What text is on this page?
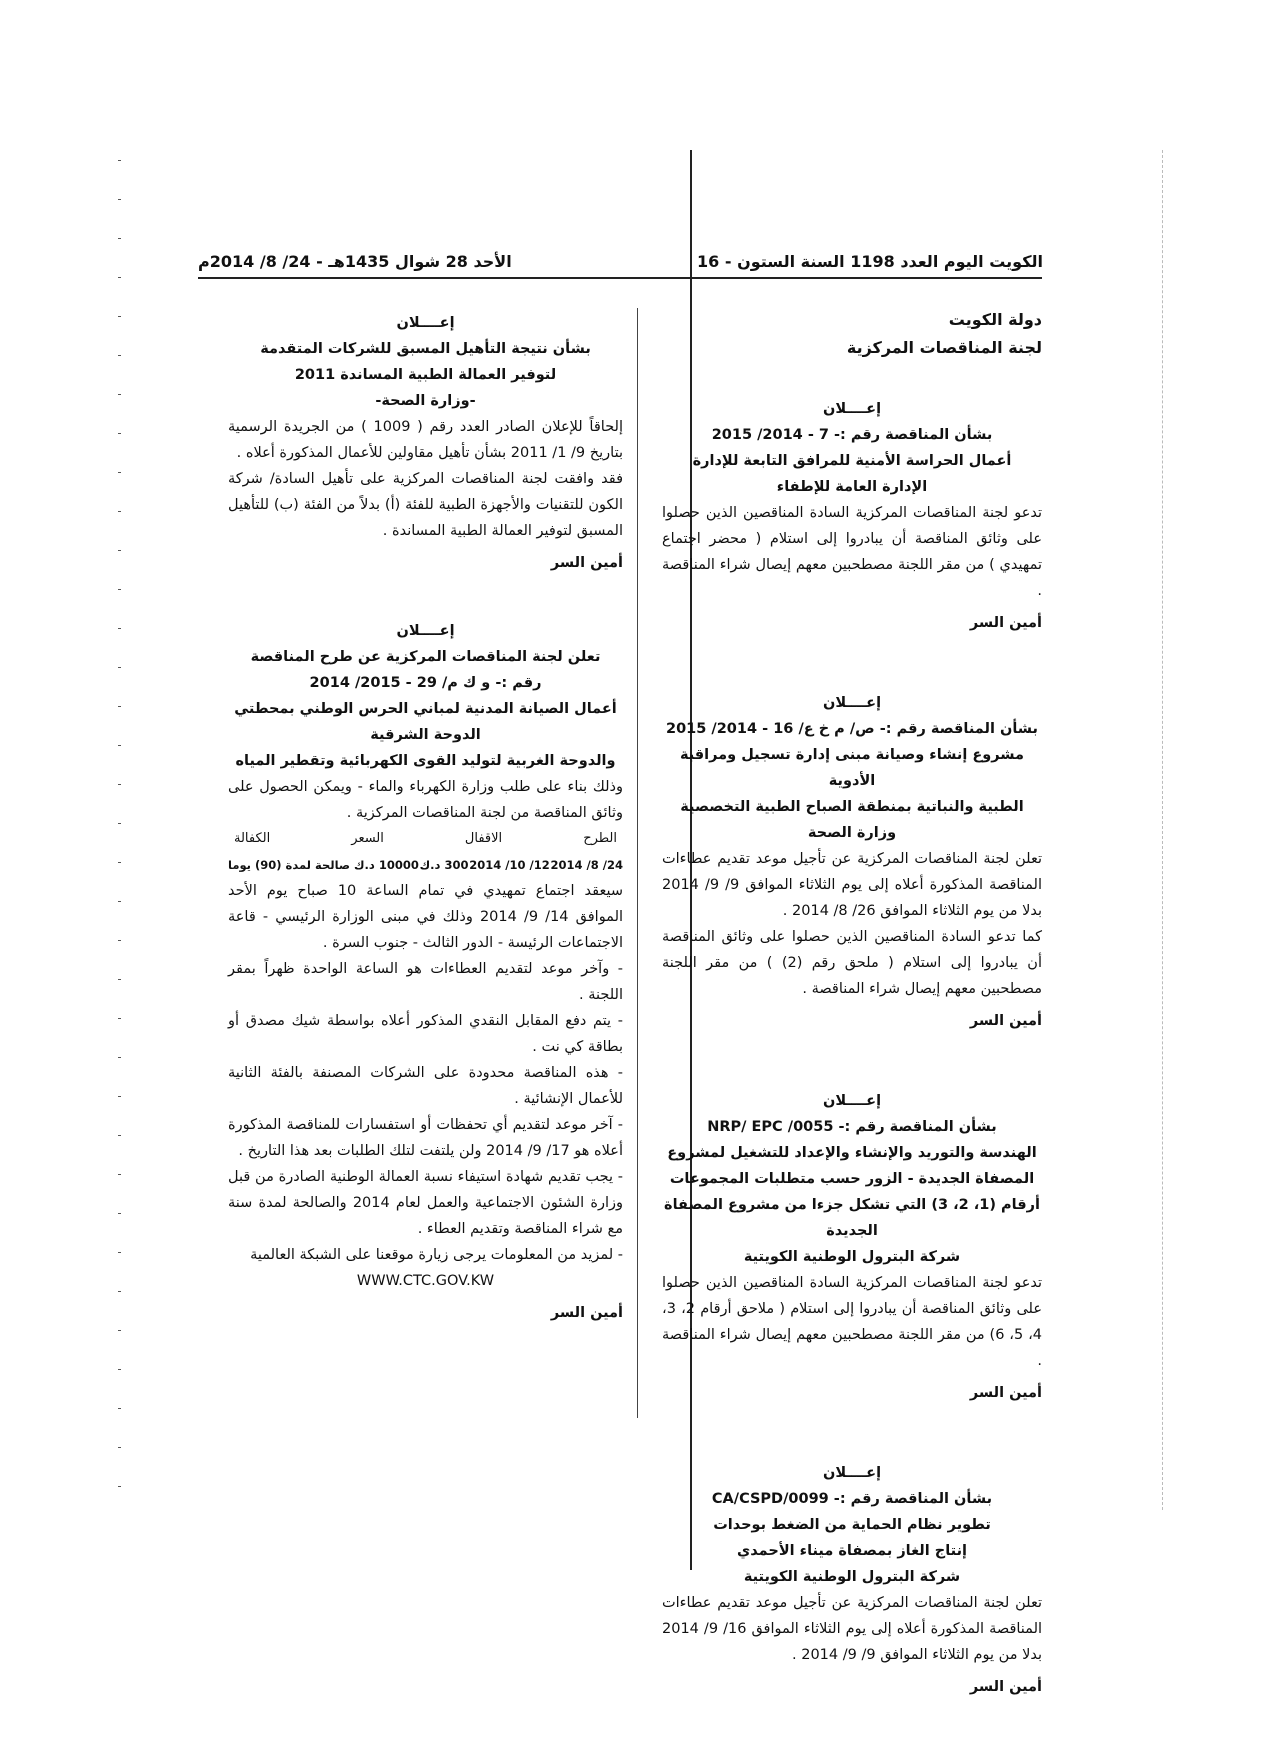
الكويت اليوم العدد 1198 السنة الستون - 16
الأحد 28 شوال 1435هـ - 24/ 8/ 2014م
دولة الكويت
لجنة المناقصات المركزية
إعــــلان
بشأن المناقصة رقم :- 7 - 2014/ 2015
أعمال الحراسة الأمنية للمرافق التابعة للإدارة
الإدارة العامة للإطفاء
تدعو لجنة المناقصات المركزية السادة المناقصين الذين حصلوا على وثائق المناقصة أن يبادروا إلى استلام ( محضر اجتماع تمهيدي ) من مقر اللجنة مصطحبين معهم إيصال شراء المناقصة .
أمين السر
إعــــلان
بشأن المناقصة رقم :- ص/ م خ ع/ 16 - 2014/ 2015
مشروع إنشاء وصيانة مبنى إدارة تسجيل ومراقبة الأدوية
الطبية والنباتية بمنطقة الصباح الطبية التخصصية
وزارة الصحة
تعلن لجنة المناقصات المركزية عن تأجيل موعد تقديم عطاءات المناقصة المذكورة أعلاه إلى يوم الثلاثاء الموافق 9/ 9/ 2014 بدلا من يوم الثلاثاء الموافق 26/ 8/ 2014 .
كما تدعو السادة المناقصين الذين حصلوا على وثائق المناقصة أن يبادروا إلى استلام ( ملحق رقم (2) ) من مقر اللجنة مصطحبين معهم إيصال شراء المناقصة .
أمين السر
إعــــلان
بشأن المناقصة رقم :- 0055/ NRP/ EPC
الهندسة والتوريد والإنشاء والإعداد للتشغيل لمشروع
المصفاة الجديدة - الزور حسب متطلبات المجموعات
أرقام (1، 2، 3) التي تشكل جزءا من مشروع المصفاة الجديدة
شركة البترول الوطنية الكويتية
تدعو لجنة المناقصات المركزية السادة المناقصين الذين حصلوا على وثائق المناقصة أن يبادروا إلى استلام ( ملاحق أرقام 2، 3، 4، 5، 6) من مقر اللجنة مصطحبين معهم إيصال شراء المناقصة .
أمين السر
إعــــلان
بشأن المناقصة رقم :- 0099/CA/CSPD
تطوير نظام الحماية من الضغط بوحدات
إنتاج الغاز بمصفاة ميناء الأحمدي
شركة البترول الوطنية الكويتية
تعلن لجنة المناقصات المركزية عن تأجيل موعد تقديم عطاءات المناقصة المذكورة أعلاه إلى يوم الثلاثاء الموافق 16/ 9/ 2014 بدلا من يوم الثلاثاء الموافق 9/ 9/ 2014 .
أمين السر
إعــــلان
بشأن نتيجة التأهيل المسبق للشركات المتقدمة
لتوفير العمالة الطبية المساندة 2011
-وزارة الصحة-
إلحاقاً للإعلان الصادر العدد رقم ( 1009 ) من الجريدة الرسمية بتاريخ 9/ 1/ 2011 بشأن تأهيل مقاولين للأعمال المذكورة أعلاه .
فقد وافقت لجنة المناقصات المركزية على تأهيل السادة/ شركة الكون للتقنيات والأجهزة الطبية للفئة (أ) بدلاً من الفئة (ب) للتأهيل المسبق لتوفير العمالة الطبية المساندة .
أمين السر
إعــــلان
تعلن لجنة المناقصات المركزية عن طرح المناقصة
رقم :- و ك م/ 29 - 2015/ 2014
أعمال الصيانة المدنية لمباني الحرس الوطني بمحطتي الدوحة الشرقية
والدوحة الغربية لتوليد القوى الكهربائية وتقطير المياه
وذلك بناء على طلب وزارة الكهرباء والماء - ويمكن الحصول على وثائق المناقصة من لجنة المناقصات المركزية .
الطرح
الاقفال
السعر
الكفالة
24/ 8/ 2014
12/ 10/ 2014
300 د.ك
10000 د.ك صالحة لمدة (90) يوما
سيعقد اجتماع تمهيدي في تمام الساعة 10 صباح يوم الأحد الموافق 14/ 9/ 2014 وذلك في مبنى الوزارة الرئيسي - قاعة الاجتماعات الرئيسة - الدور الثالث - جنوب السرة .
- وآخر موعد لتقديم العطاءات هو الساعة الواحدة ظهراً بمقر اللجنة .
- يتم دفع المقابل النقدي المذكور أعلاه بواسطة شيك مصدق أو بطاقة كي نت .
- هذه المناقصة محدودة على الشركات المصنفة بالفئة الثانية للأعمال الإنشائية .
- آخر موعد لتقديم أي تحفظات أو استفسارات للمناقصة المذكورة أعلاه هو 17/ 9/ 2014 ولن يلتفت لتلك الطلبات بعد هذا التاريخ .
- يجب تقديم شهادة استيفاء نسبة العمالة الوطنية الصادرة من قبل وزارة الشئون الاجتماعية والعمل لعام 2014 والصالحة لمدة سنة مع شراء المناقصة وتقديم العطاء .
- لمزيد من المعلومات يرجى زيارة موقعنا على الشبكة العالمية
WWW.CTC.GOV.KW
أمين السر
